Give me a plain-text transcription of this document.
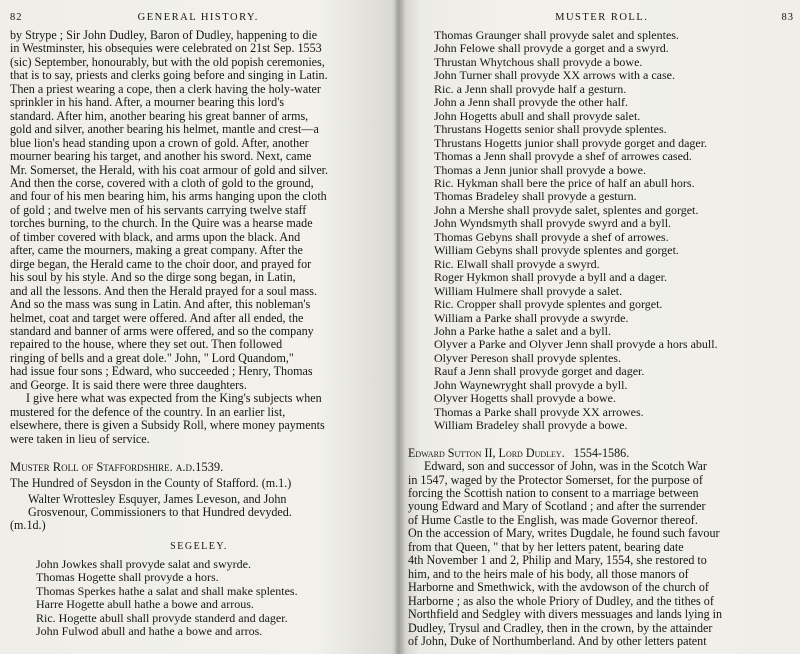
82	GENERAL HISTORY.
by Strype ; Sir John Dudley, Baron of Dudley, happening to die
in Westminster, his obsequies were celebrated on 21st Sep. 1553
(sic) September, honourably, but with the old popish ceremonies,
that is to say, priests and clerks going before and singing in Latin.
Then a priest wearing a cope, then a clerk having the holy-water
sprinkler in his hand. After, a mourner bearing this lord's
standard. After him, another bearing his great banner of arms,
gold and silver, another bearing his helmet, mantle and crest—a
blue lion's head standing upon a crown of gold. After, another
mourner bearing his target, and another his sword. Next, came
Mr. Somerset, the Herald, with his coat armour of gold and silver.
And then the corse, covered with a cloth of gold to the ground,
and four of his men bearing him, his arms hanging upon the cloth
of gold ; and twelve men of his servants carrying twelve staff
torches burning, to the church. In the Quire was a hearse made
of timber covered with black, and arms upon the black. And
after, came the mourners, making a great company. After the
dirge began, the Herald came to the choir door, and prayed for
his soul by his style. And so the dirge song began, in Latin,
and all the lessons. And then the Herald prayed for a soul mass.
And so the mass was sung in Latin. And after, this nobleman's
helmet, coat and target were offered. And after all ended, the
standard and banner of arms were offered, and so the company
repaired to the house, where they set out. Then followed
ringing of bells and a great dole." John, " Lord Quandom,"
had issue four sons ; Edward, who succeeded ; Henry, Thomas
and George. It is said there were three daughters.
I give here what was expected from the King's subjects when
mustered for the defence of the country. In an earlier list,
elsewhere, there is given a Subsidy Roll, where money payments
were taken in lieu of service.
Muster Roll of Staffordshire. a.d.1539.
The Hundred of Seysdon in the County of Stafford. (m.1.)
Walter Wrottesley Esquyer, James Leveson, and John
Grosvenour, Commissioners to that Hundred devyded.
(m.1d.)
SEGELEY.
John Jowkes shall provyde salat and swyrde.
Thomas Hogette shall provyde a hors.
Thomas Sperkes hathe a salat and shall make splentes.
Harre Hogette abull hathe a bowe and arrous.
Ric. Hogette abull shall provyde standerd and dager.
John Fulwod abull and hathe a bowe and arros.
MUSTER ROLL.	83
Thomas Graunger shall provyde salet and splentes.
John Felowe shall provyde a gorget and a swyrd.
Thrustan Whytchous shall provyde a bowe.
John Turner shall provyde XX arrows with a case.
Ric. a Jenn shall provyde half a gesturn.
John a Jenn shall provyde the other half.
John Hogetts abull and shall provyde salet.
Thrustans Hogetts senior shall provyde splentes.
Thrustans Hogetts junior shall provyde gorget and dager.
Thomas a Jenn shall provyde a shef of arrowes cased.
Thomas a Jenn junior shall provyde a bowe.
Ric. Hykman shall bere the price of half an abull hors.
Thomas Bradeley shall provyde a gesturn.
John a Mershe shall provyde salet, splentes and gorget.
John Wyndsmyth shall provyde swyrd and a byll.
Thomas Gebyns shall provyde a shef of arrowes.
William Gebyns shall provyde splentes and gorget.
Ric. Elwall shall provyde a swyrd.
Roger Hykmon shall provyde a byll and a dager.
William Hulmere shall provyde a salet.
Ric. Cropper shall provyde splentes and gorget.
William a Parke shall provyde a swyrde.
John a Parke hathe a salet and a byll.
Olyver a Parke and Olyver Jenn shall provyde a hors abull.
Olyver Pereson shall provyde splentes.
Rauf a Jenn shall provyde gorget and dager.
John Waynewryght shall provyde a byll.
Olyver Hogetts shall provyde a bowe.
Thomas a Parke shall provyde XX arrowes.
William Bradeley shall provyde a bowe.
Edward Sutton II, Lord Dudley. 1554-1586.
Edward, son and successor of John, was in the Scotch War
in 1547, waged by the Protector Somerset, for the purpose of
forcing the Scottish nation to consent to a marriage between
young Edward and Mary of Scotland ; and after the surrender
of Hume Castle to the English, was made Governor thereof.
On the accession of Mary, writes Dugdale, he found such favour
from that Queen, " that by her letters patent, bearing date
4th November 1 and 2, Philip and Mary, 1554, she restored to
him, and to the heirs male of his body, all those manors of
Harborne and Smethwick, with the avdowson of the church of
Harborne ; as also the whole Priory of Dudley, and the tithes of
Northfield and Sedgley with divers messuages and lands lying in
Dudley, Trysul and Cradley, then in the crown, by the attainder
of John, Duke of Northumberland. And by other letters patent
